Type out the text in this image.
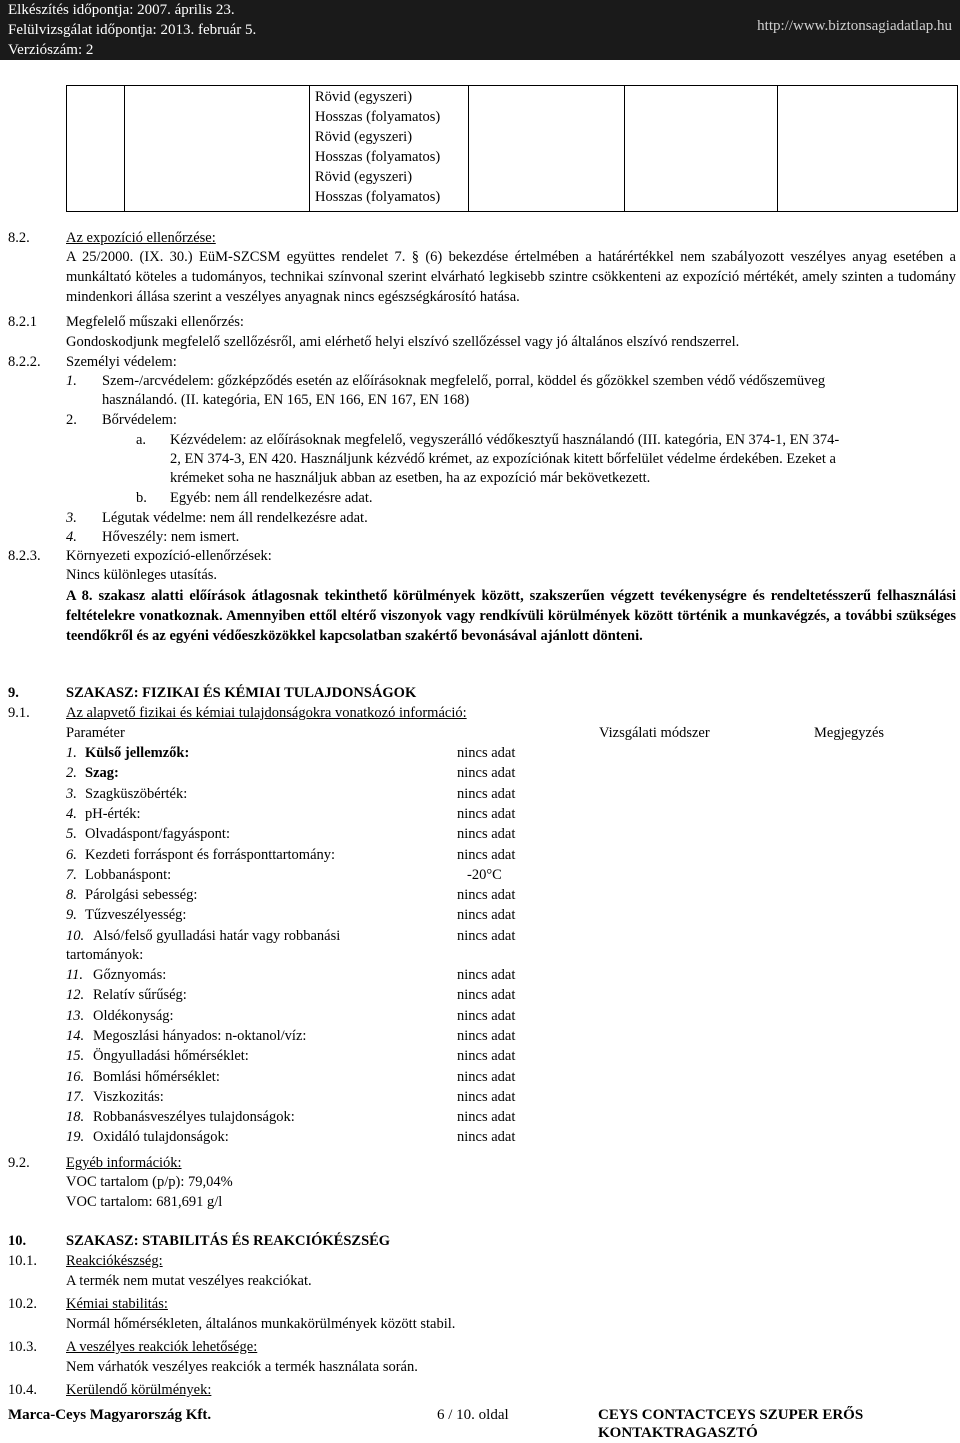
Elkészítés időpontja: 2007. április 23.
Felülvizsgálat időpontja: 2013. február 5.
Verziószám: 2
http://www.biztonsagiadatlap.hu
Rövid (egyszeri)
Hosszas (folyamatos)
Rövid (egyszeri)
Hosszas (folyamatos)
Rövid (egyszeri)
Hosszas (folyamatos)
8.2.	Az expozíció ellenőrzése:
A 25/2000. (IX. 30.) EüM-SZCSM együttes rendelet 7. § (6) bekezdése értelmében a határértékkel nem szabályozott veszélyes anyag esetében a munkáltató köteles a tudományos, technikai színvonal szerint elvárható legkisebb szintre csökkenteni az expozíció mértékét, amely szinten a tudomány mindenkori állása szerint a veszélyes anyagnak nincs egészségkárosító hatása.
8.2.1 Megfelelő műszaki ellenőrzés:
Gondoskodjunk megfelelő szellőzésről, ami elérhető helyi elszívó szellőzéssel vagy jó általános elszívó rendszerrel.
8.2.2. Személyi védelem:
1. Szem-/arcvédelem: gőzképződés esetén az előírásoknak megfelelő, porral, köddel és gőzökkel szemben védő védőszemüveg
használandó. (II. kategória, EN 165, EN 166, EN 167, EN 168)
2. Bőrvédelem:
a. Kézvédelem: az előírásoknak megfelelő, vegyszerálló védőkesztyű használandó (III. kategória, EN 374-1, EN 374-
2, EN 374-3, EN 420. Használjunk kézvédő krémet, az expozíciónak kitett bőrfelület védelme érdekében. Ezeket a
krémeket soha ne használjuk abban az esetben, ha az expozíció már bekövetkezett.
b. Egyéb: nem áll rendelkezésre adat.
3. Légutak védelme: nem áll rendelkezésre adat.
4. Hőveszély: nem ismert.
8.2.3. Környezeti expozíció-ellenőrzések:
Nincs különleges utasítás.
A 8. szakasz alatti előírások átlagosnak tekinthető körülmények között, szakszerűen végzett tevékenységre és rendeltetésszerű felhasználási feltételekre vonatkoznak. Amennyiben ettől eltérő viszonyok vagy rendkívüli körülmények között történik a munkavégzés, a további szükséges teendőkről és az egyéni védőeszközökkel kapcsolatban szakértő bevonásával ajánlott dönteni.
9.	SZAKASZ: FIZIKAI ÉS KÉMIAI TULAJDONSÁGOK
9.1.	Az alapvető fizikai és kémiai tulajdonságokra vonatkozó információ:
Paraméter	Vizsgálati módszer	Megjegyzés
1. Külső jellemzők:	nincs adat
2. Szag:	nincs adat
3. Szagküszöbérték:	nincs adat
4. pH-érték:	nincs adat
5. Olvadáspont/fagyáspont:	nincs adat
6. Kezdeti forráspont és forrásponttartomány:	nincs adat
7. Lobbanáspont:	-20°C
8. Párolgási sebesség:	nincs adat
9. Tűzveszélyesség:	nincs adat
10. Alsó/felső gyulladási határ vagy robbanási	nincs adat
tartományok:
11. Gőznyomás:	nincs adat
12. Relatív sűrűség:	nincs adat
13. Oldékonyság:	nincs adat
14. Megoszlási hányados: n-oktanol/víz:	nincs adat
15. Öngyulladási hőmérséklet:	nincs adat
16. Bomlási hőmérséklet:	nincs adat
17. Viszkozitás:	nincs adat
18. Robbanásveszélyes tulajdonságok:	nincs adat
19. Oxidáló tulajdonságok:	nincs adat
9.2.	Egyéb információk:
VOC tartalom (p/p): 79,04%
VOC tartalom: 681,691 g/l
10.	SZAKASZ: STABILITÁS ÉS REAKCIÓKÉSZSÉG
10.1. Reakciókészség:
A termék nem mutat veszélyes reakciókat.
10.2. Kémiai stabilitás:
Normál hőmérsékleten, általános munkakörülmények között stabil.
10.3. A veszélyes reakciók lehetősége:
Nem várhatók veszélyes reakciók a termék használata során.
10.4. Kerülendő körülmények:
Marca-Ceys Magyarország Kft.	6 / 10. oldal	CEYS CONTACTCEYS SZUPER ERŐS
KONTAKTRAGASZTÓ
